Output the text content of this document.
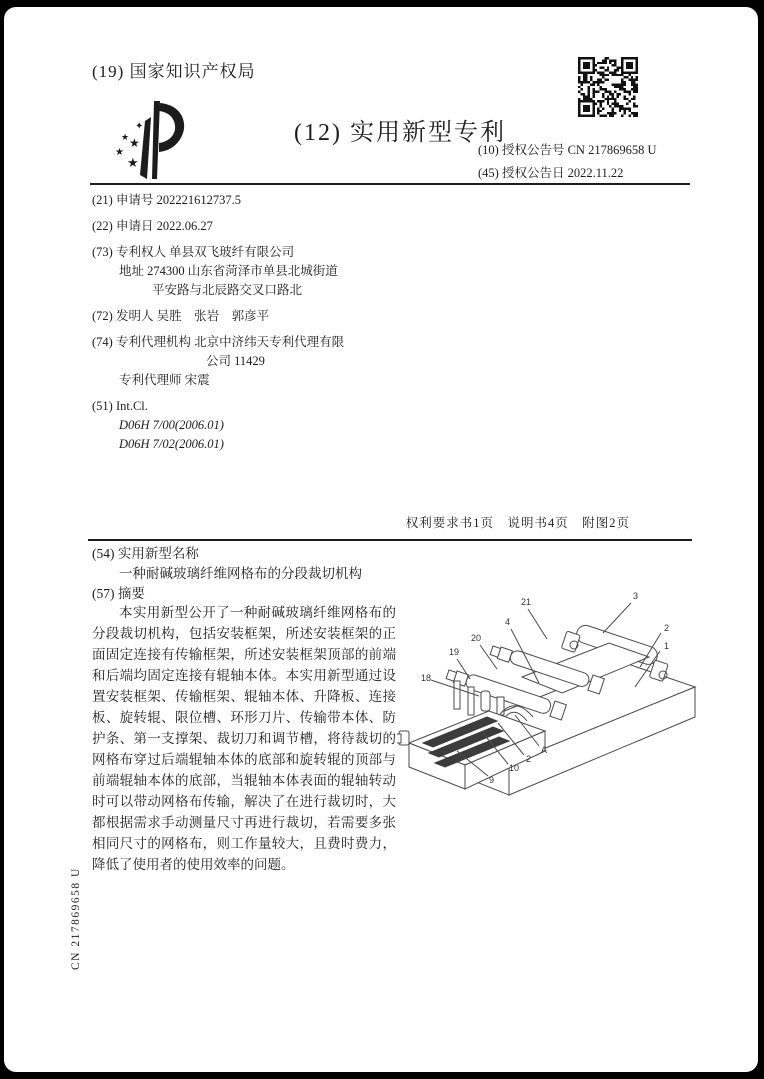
(19) 国家知识产权局
✦
★ ★
★
★
(12) 实用新型专利
(10) 授权公告号 CN 217869658 U
(45) 授权公告日 2022.11.22
(21) 申请号 202221612737.5
(22) 申请日 2022.06.27
(73) 专利权人 单县双飞玻纤有限公司
地址 274300 山东省菏泽市单县北城街道
平安路与北辰路交叉口路北
(72) 发明人 吴胜　张岩　郭彦平
(74) 专利代理机构 北京中济纬天专利代理有限
公司 11429
专利代理师 宋震
(51) Int.Cl.
D06H 7/00(2006.01)
D06H 7/02(2006.01)
权利要求书1页　说明书4页　附图2页
(54) 实用新型名称
一种耐碱玻璃纤维网格布的分段裁切机构
(57) 摘要
本实用新型公开了一种耐碱玻璃纤维网格布的分段裁切机构，包括安装框架，所述安装框架的正面固定连接有传输框架，所述安装框架顶部的前端和后端均固定连接有辊轴本体。本实用新型通过设置安装框架、传输框架、辊轴本体、升降板、连接板、旋转辊、限位槽、环形刀片、传输带本体、防护条、第一支撑架、裁切刀和调节槽，将待裁切的网格布穿过后端辊轴本体的底部和旋转辊的顶部与前端辊轴本体的底部，当辊轴本体表面的辊轴转动时可以带动网格布传输，解决了在进行裁切时，大都根据需求手动测量尺寸再进行裁切，若需要多张相同尺寸的网格布，则工作量较大，且费时费力，降低了使用者的使用效率的问题。
21
4
3
2
1
20
19
18
A
2
10
9
CN 217869658 U
